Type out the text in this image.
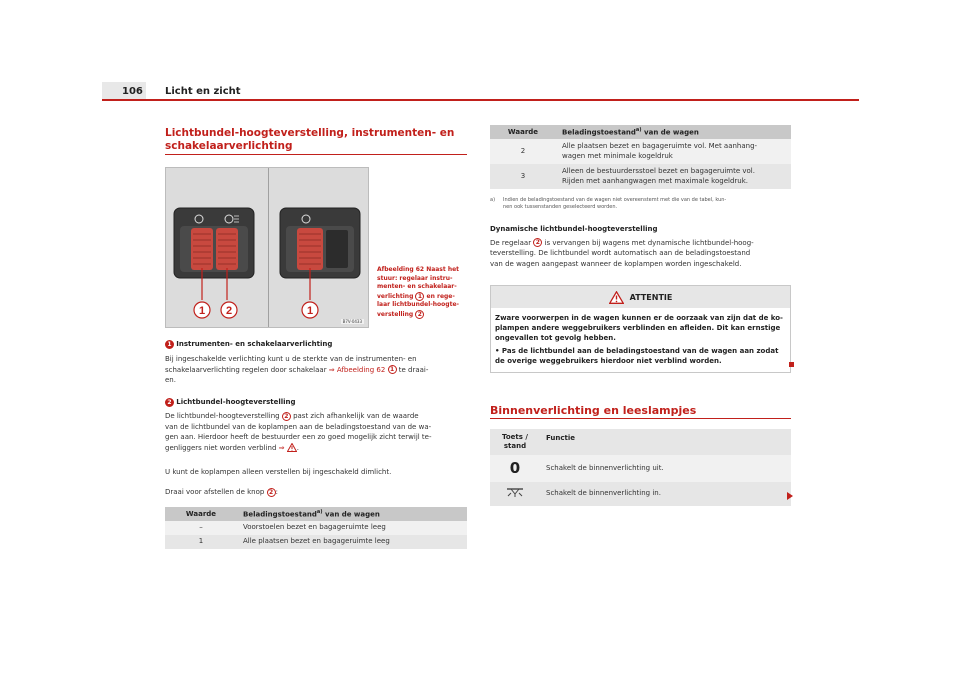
106 Licht en zicht
Lichtbundel-hoogteverstelling, instrumenten- en
schakelaarverlichting
1 2	1
B7V-0433
Afbeelding 62 Naast het stuur: regelaar instru-menten- en schakelaar-verlichting 1 en rege-laar lichtbundel-hoogte-verstelling 2
1 Instrumenten- en schakelaarverlichting
Bij ingeschakelde verlichting kunt u de sterkte van de instrumenten- en
schakelaarverlichting regelen door schakelaar ⇒ Afbeelding 62 1 te draai-
en.
2 Lichtbundel-hoogteverstelling
De lichtbundel-hoogteverstelling 2 past zich afhankelijk van de waarde
van de lichtbundel van de koplampen aan de beladingstoestand van de wa-
gen aan. Hierdoor heeft de bestuurder een zo goed mogelijk zicht terwijl te-
genliggers niet worden verblind ⇒ .
U kunt de koplampen alleen verstellen bij ingeschakeld dimlicht.
Draai voor afstellen de knop 2 :
Waarde	Beladingstoestand$^{a)}$ van de wagen
–	Voorstoelen bezet en bagageruimte leeg
1	Alle plaatsen bezet en bagageruimte leeg
Waarde	Beladingstoestand$^{a)}$ van de wagen
2	Alle plaatsen bezet en bagageruimte vol. Met aanhang-
wagen met minimale kogeldruk

3	Alleen de bestuurdersstoel bezet en bagageruimte vol.
Rijden met aanhangwagen met maximale kogeldruk.
a) Indien de beladingstoestand van de wagen niet overeenstemt met die van de tabel, kun-
nen ook tussenstanden geselecteerd worden.
Dynamische lichtbundel-hoogteverstelling
De regelaar 2 is vervangen bij wagens met dynamische lichtbundel-hoog-
teverstelling. De lichtbundel wordt automatisch aan de beladingstoestand
van de wagen aangepast wanneer de koplampen worden ingeschakeld.
ATTENTIE
Zware voorwerpen in de wagen kunnen er de oorzaak van zijn dat de ko-
plampen andere weggebruikers verblinden en afleiden. Dit kan ernstige
ongevallen tot gevolg hebben.
• Pas de lichtbundel aan de beladingstoestand van de wagen aan zodat
de overige weggebruikers hierdoor niet verblind worden.
Binnenverlichting en leeslampjes
Toets /
stand	Functie
0	Schakelt de binnenverlichting uit.
	Schakelt de binnenverlichting in.
